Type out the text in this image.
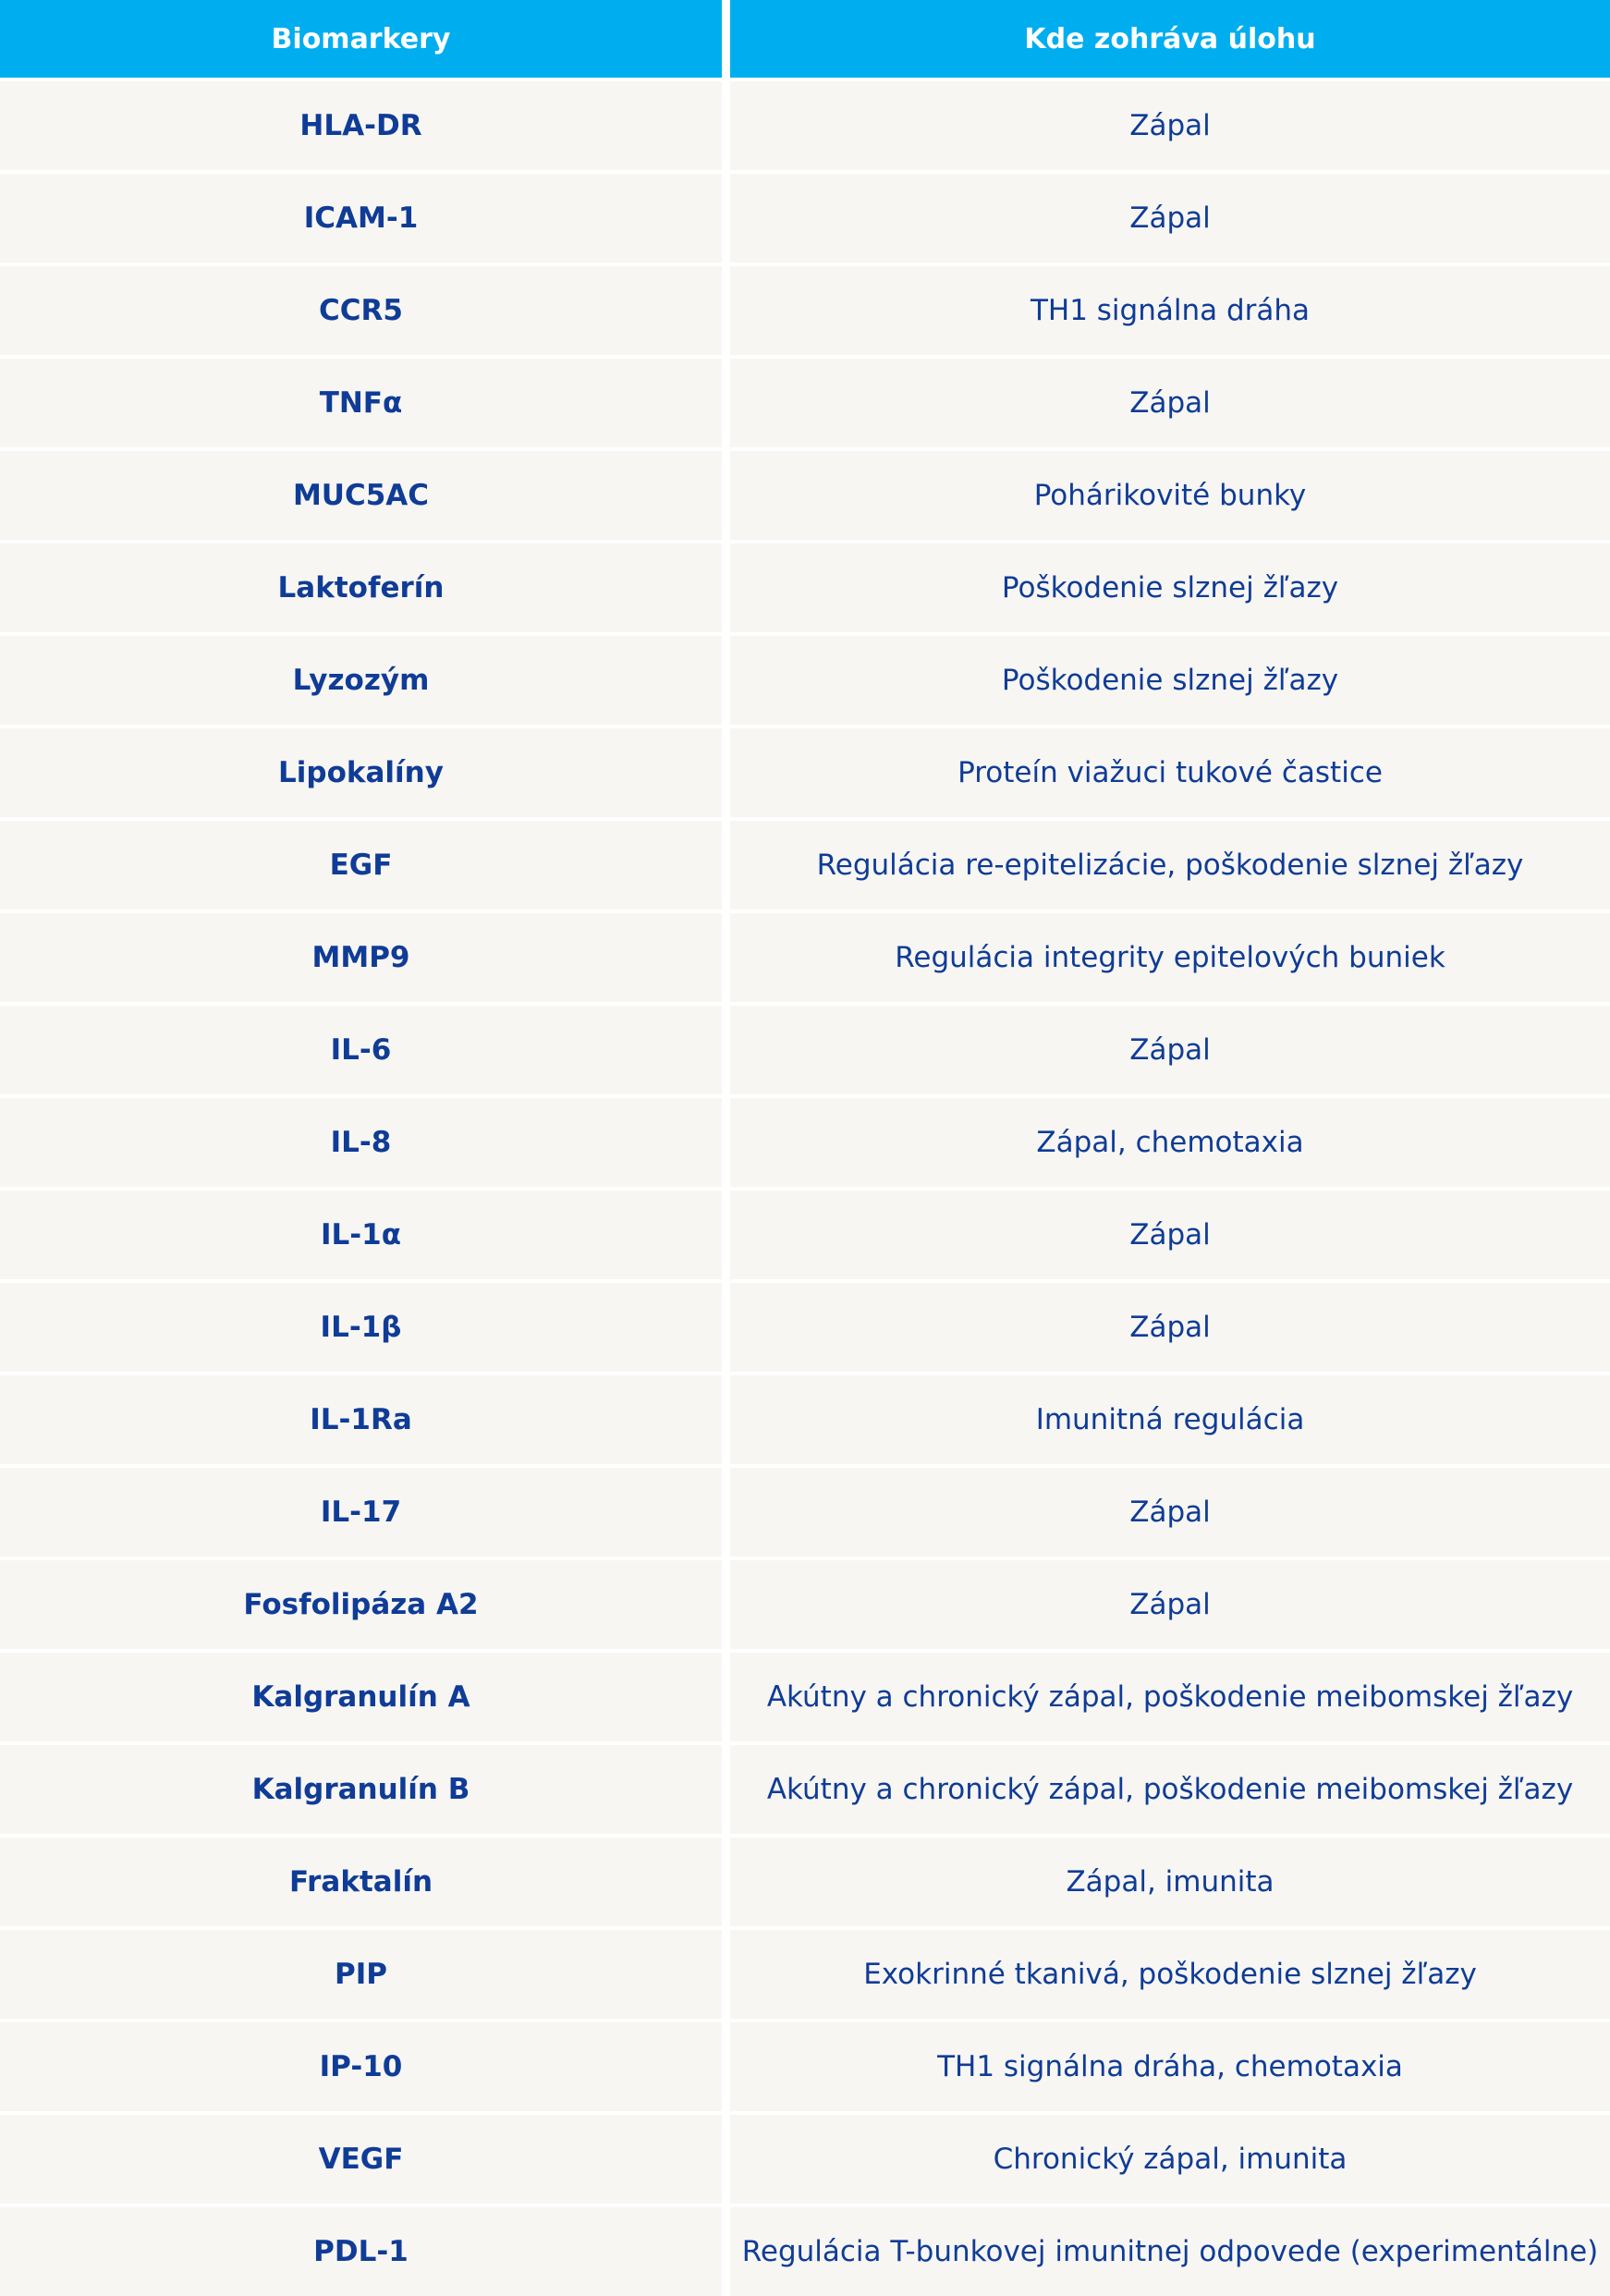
Biomarkery	Kde zohráva úlohu
HLA-DR	Zápal
ICAM-1	Zápal
CCR5	TH1 signálna dráha
TNFα	Zápal
MUC5AC	Pohárikovité bunky
Laktoferín	Poškodenie slznej žľazy
Lyzozým	Poškodenie slznej žľazy
Lipokalíny	Proteín viažuci tukové častice
EGF	Regulácia re-epitelizácie, poškodenie slznej žľazy
MMP9	Regulácia integrity epitelových buniek
IL-6	Zápal
IL-8	Zápal, chemotaxia
IL-1α	Zápal
IL-1β	Zápal
IL-1Ra	Imunitná regulácia
IL-17	Zápal
Fosfolipáza A2	Zápal
Kalgranulín A	Akútny a chronický zápal, poškodenie meibomskej žľazy
Kalgranulín B	Akútny a chronický zápal, poškodenie meibomskej žľazy
Fraktalín	Zápal, imunita
PIP	Exokrinné tkanivá, poškodenie slznej žľazy
IP-10	TH1 signálna dráha, chemotaxia
VEGF	Chronický zápal, imunita
PDL-1	Regulácia T-bunkovej imunitnej odpovede (experimentálne)
